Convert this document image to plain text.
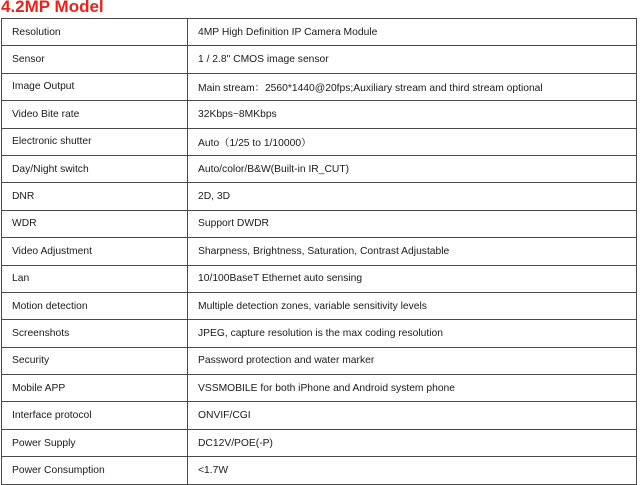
4.2MP Model
Resolution	4MP High Definition IP Camera Module
Sensor	1 / 2.8" CMOS image sensor
Image Output	Main stream：2560*1440@20fps;Auxiliary stream and third stream optional
Video Bite rate	32Kbps~8MKbps
Electronic shutter	Auto（1/25 to 1/10000）
Day/Night switch	Auto/color/B&W(Built-in IR_CUT)
DNR	2D, 3D
WDR	Support DWDR
Video Adjustment	Sharpness, Brightness, Saturation, Contrast Adjustable
Lan	10/100BaseT Ethernet auto sensing
Motion detection	Multiple detection zones, variable sensitivity levels
Screenshots	JPEG, capture resolution is the max coding resolution
Security	Password protection and water marker
Mobile APP	VSSMOBILE for both iPhone and Android system phone
Interface protocol	ONVIF/CGI
Power Supply	DC12V/POE(-P)
Power Consumption	<1.7W
